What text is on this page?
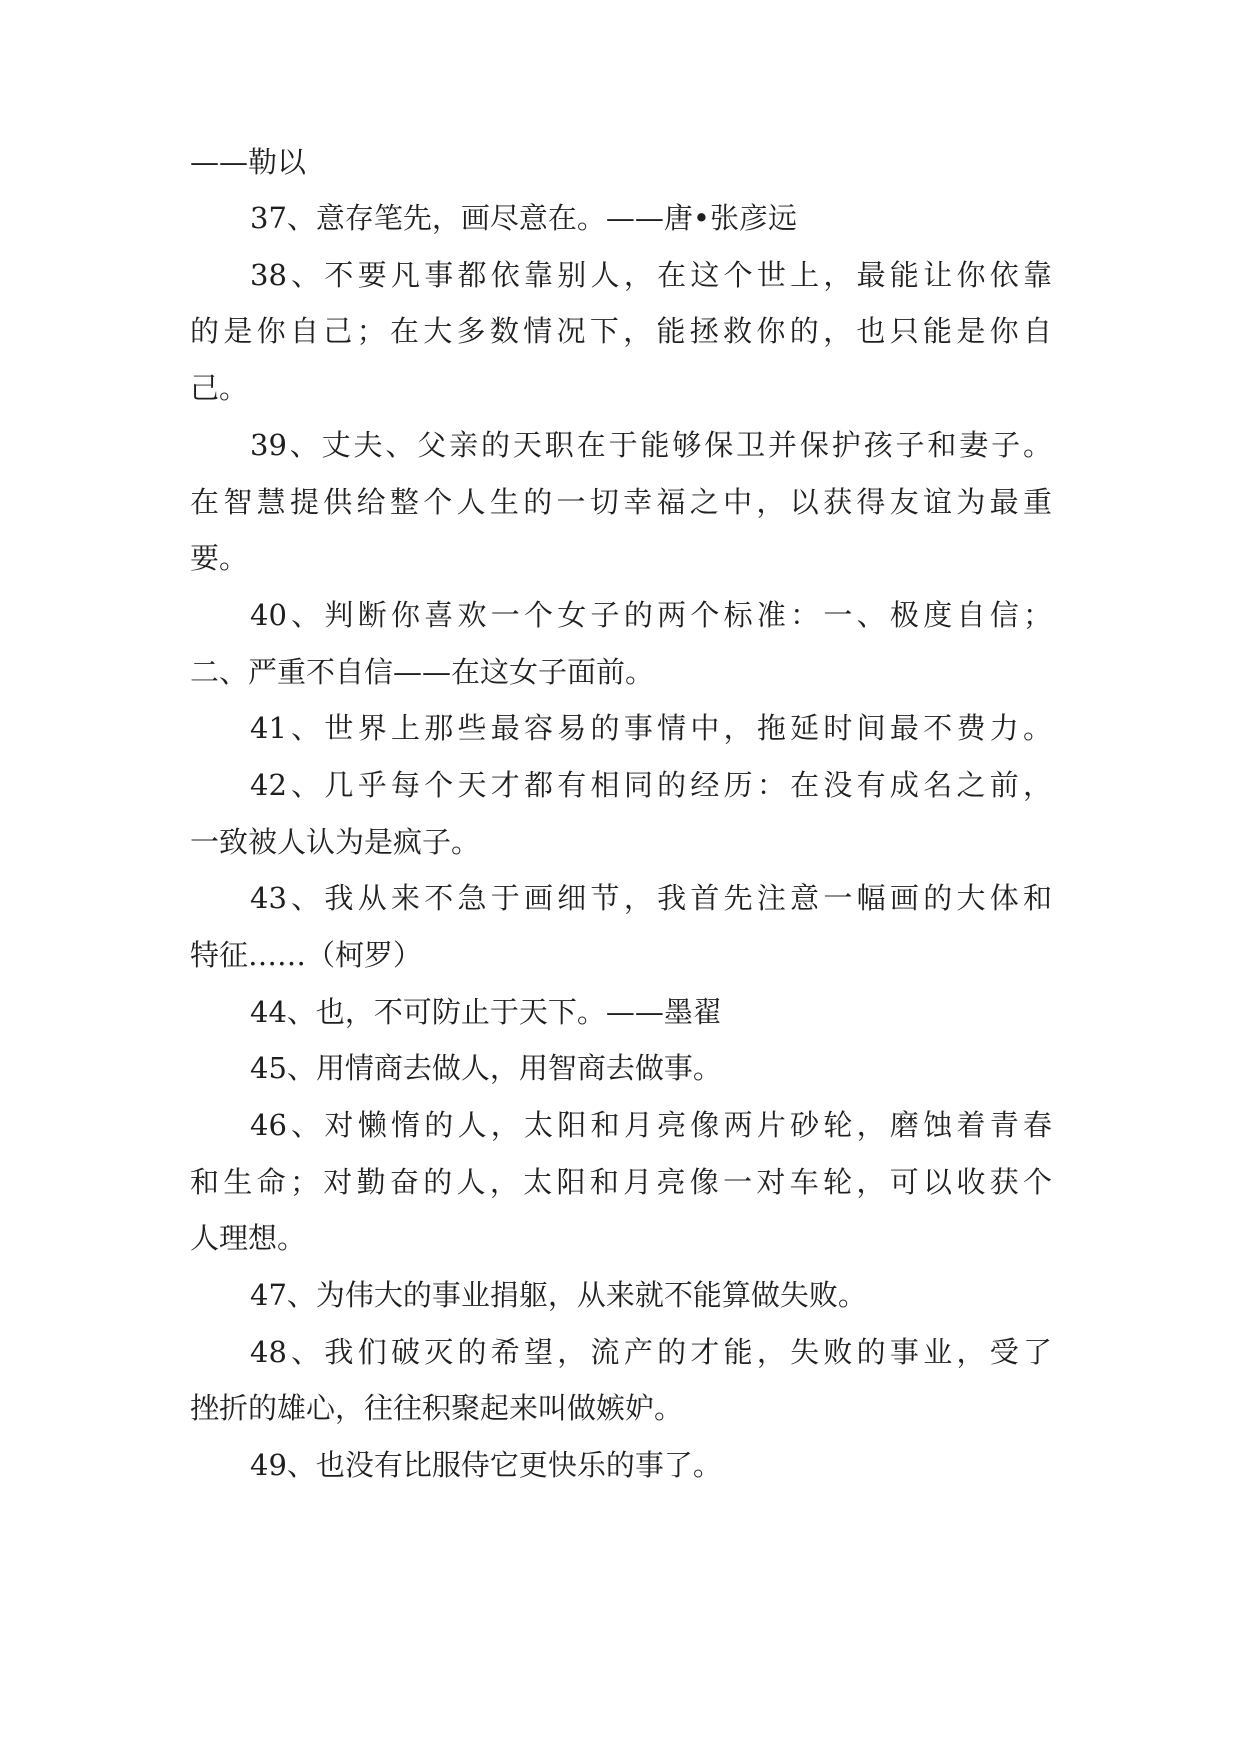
——勒以

37、意存笔先，画尽意在。——唐•张彦远

38、不要凡事都依靠别人，在这个世上，最能让你依靠

的是你自己；在大多数情况下，能拯救你的，也只能是你自

己。

39、丈夫、父亲的天职在于能够保卫并保护孩子和妻子。

在智慧提供给整个人生的一切幸福之中，以获得友谊为最重

要。

40、判断你喜欢一个女子的两个标准：一、极度自信；

二、严重不自信——在这女子面前。

41、世界上那些最容易的事情中，拖延时间最不费力。

42、几乎每个天才都有相同的经历：在没有成名之前，

一致被人认为是疯子。

43、我从来不急于画细节，我首先注意一幅画的大体和

特征……（柯罗）

44、也，不可防止于天下。——墨翟

45、用情商去做人，用智商去做事。

46、对懒惰的人，太阳和月亮像两片砂轮，磨蚀着青春

和生命；对勤奋的人，太阳和月亮像一对车轮，可以收获个

人理想。

47、为伟大的事业捐躯，从来就不能算做失败。

48、我们破灭的希望，流产的才能，失败的事业，受了

挫折的雄心，往往积聚起来叫做嫉妒。

49、也没有比服侍它更快乐的事了。
